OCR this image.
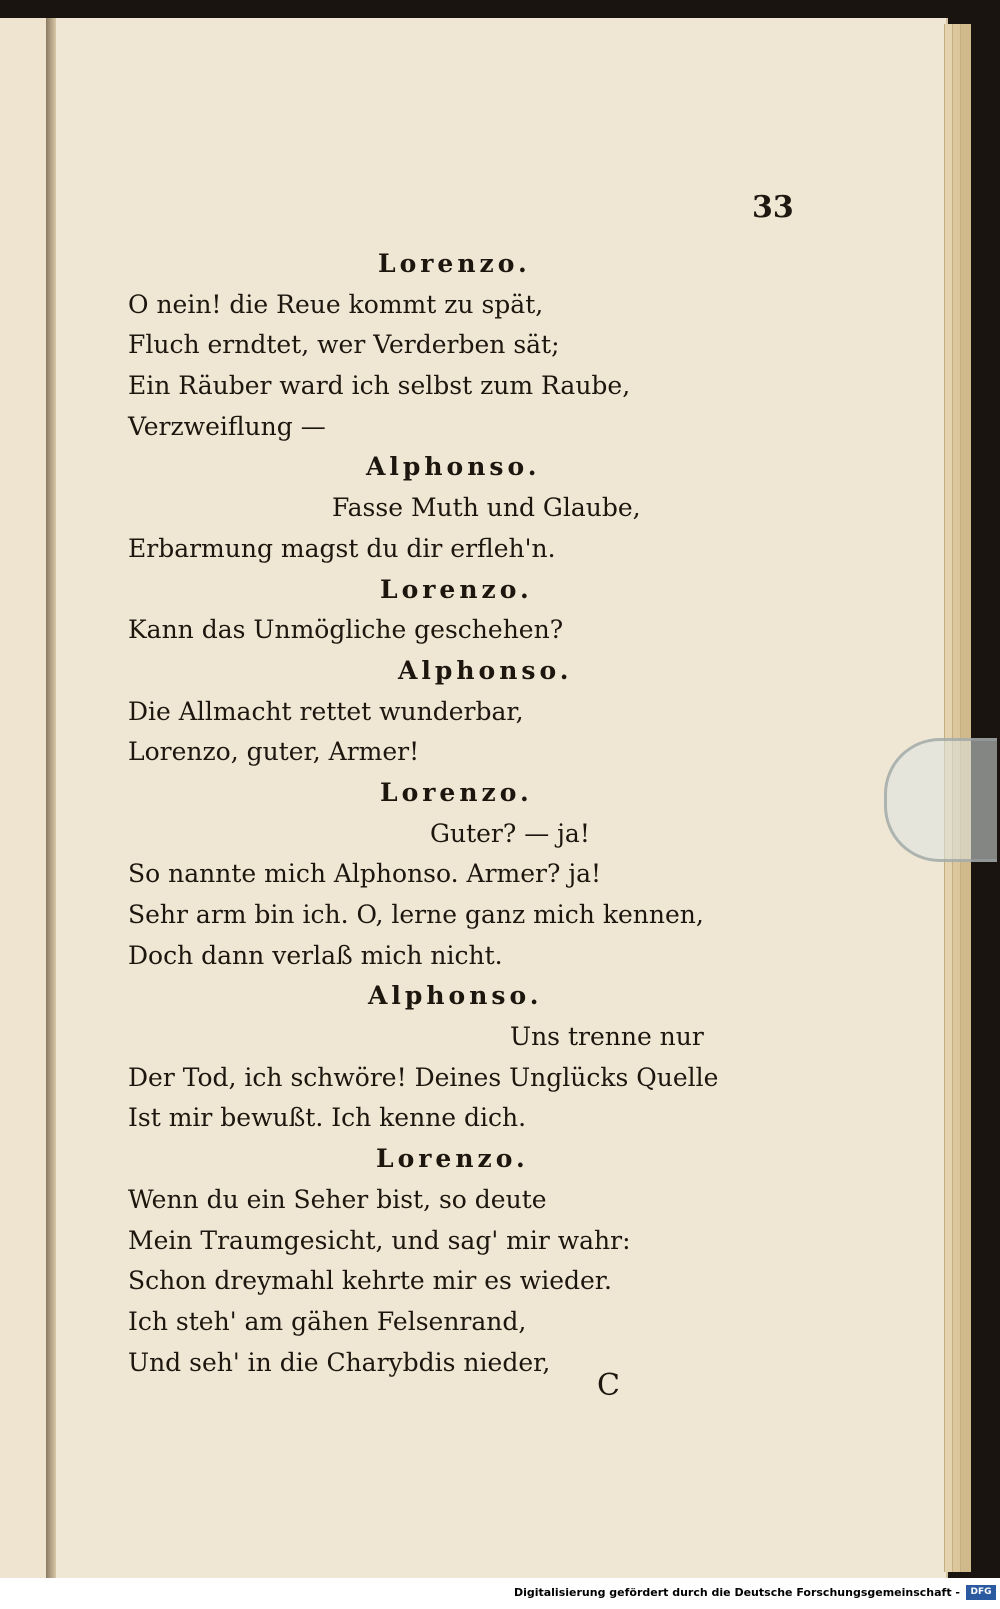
33
Lorenzo.
O nein! die Reue kommt zu spät,
Fluch erndtet, wer Verderben sät;
Ein Räuber ward ich selbst zum Raube,
Verzweiflung —
Alphonso.
Fasse Muth und Glaube,
Erbarmung magst du dir erfleh'n.
Lorenzo.
Kann das Unmögliche geschehen?
Alphonso.
Die Allmacht rettet wunderbar,
Lorenzo, guter, Armer!
Lorenzo.
Guter? — ja!
So nannte mich Alphonso. Armer? ja!
Sehr arm bin ich. O, lerne ganz mich kennen,
Doch dann verlaß mich nicht.
Alphonso.
Uns trenne nur
Der Tod, ich schwöre! Deines Unglücks Quelle
Ist mir bewußt. Ich kenne dich.
Lorenzo.
Wenn du ein Seher bist, so deute
Mein Traumgesicht, und sag' mir wahr:
Schon dreymahl kehrte mir es wieder.
Ich steh' am gähen Felsenrand,
Und seh' in die Charybdis nieder,
C
Digitalisierung gefördert durch die Deutsche Forschungsgemeinschaft -	DFG
